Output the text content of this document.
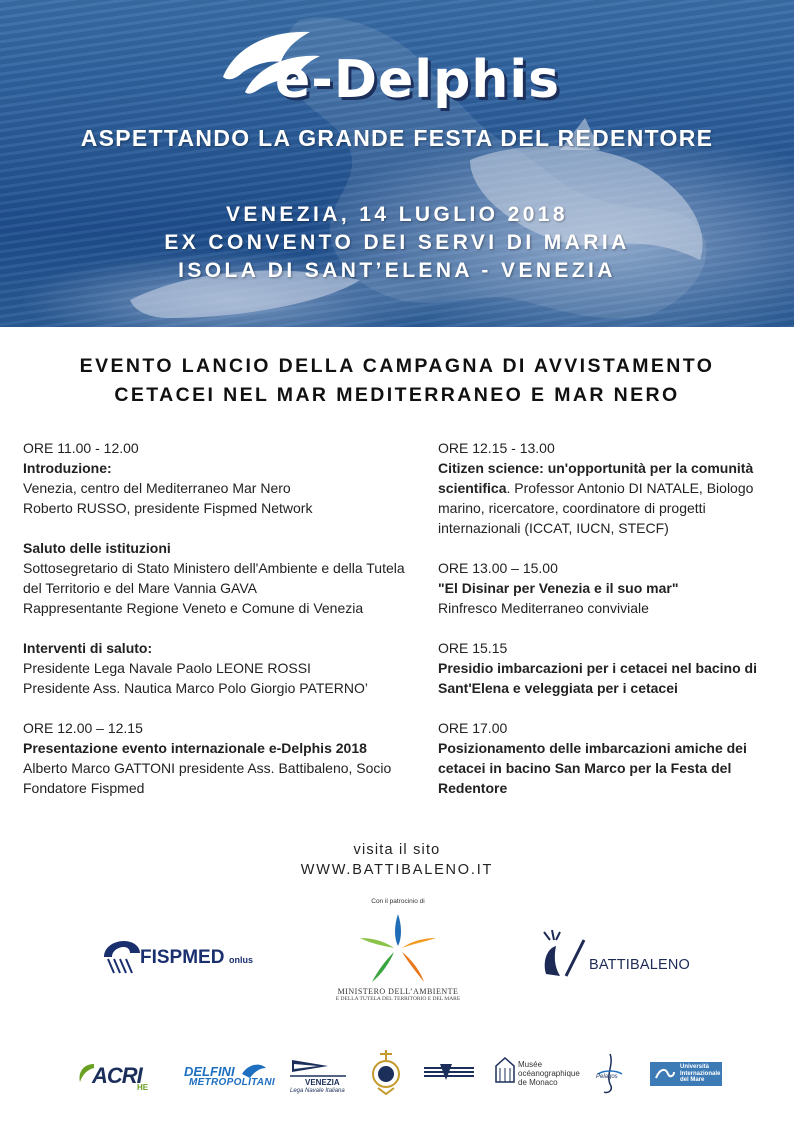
e-Delphis
ASPETTANDO LA GRANDE FESTA DEL REDENTORE
VENEZIA, 14 LUGLIO 2018
EX CONVENTO DEI SERVI DI MARIA
ISOLA DI SANT’ELENA - VENEZIA
EVENTO LANCIO DELLA CAMPAGNA DI AVVISTAMENTO
CETACEI NEL MAR MEDITERRANEO E MAR NERO
ORE 11.00 - 12.00
Introduzione:
Venezia, centro del Mediterraneo Mar Nero
Roberto RUSSO, presidente Fispmed Network
Saluto delle istituzioni
Sottosegretario di Stato Ministero dell'Ambiente e della Tutela
del Territorio e del Mare Vannia GAVA
Rappresentante Regione Veneto e Comune di Venezia
Interventi di saluto:
Presidente Lega Navale Paolo LEONE ROSSI
Presidente Ass. Nautica Marco Polo Giorgio PATERNO’
ORE 12.00 – 12.15
Presentazione evento internazionale e-Delphis 2018
Alberto Marco GATTONI presidente Ass. Battibaleno, Socio
Fondatore Fispmed
ORE 12.15 - 13.00
Citizen science: un'opportunità per la comunità
scientifica. Professor Antonio DI NATALE, Biologo
marino, ricercatore, coordinatore di progetti
internazionali (ICCAT, IUCN, STECF)
ORE 13.00 – 15.00
"El Disinar per Venezia e il suo mar"
Rinfresco Mediterraneo conviviale
ORE 15.15
Presidio imbarcazioni per i cetacei nel bacino di
Sant'Elena e veleggiata per i cetacei
ORE 17.00
Posizionamento delle imbarcazioni amiche dei
cetacei in bacino San Marco per la Festa del
Redentore
visita il sito
WWW.BATTIBALENO.IT
Con il patrocinio di
FISPMED onlus
MINISTERO DELL’AMBIENTE
E DELLA TUTELA DEL TERRITORIO E DEL MARE
BATTIBALENO
ACRI
HE
DELFINI
METROPOLITANI	VENEZIA
Lega Navale Italiana
Musée
océanographique
de Monaco
Pelagos
Università
Internazionale
del Mare
